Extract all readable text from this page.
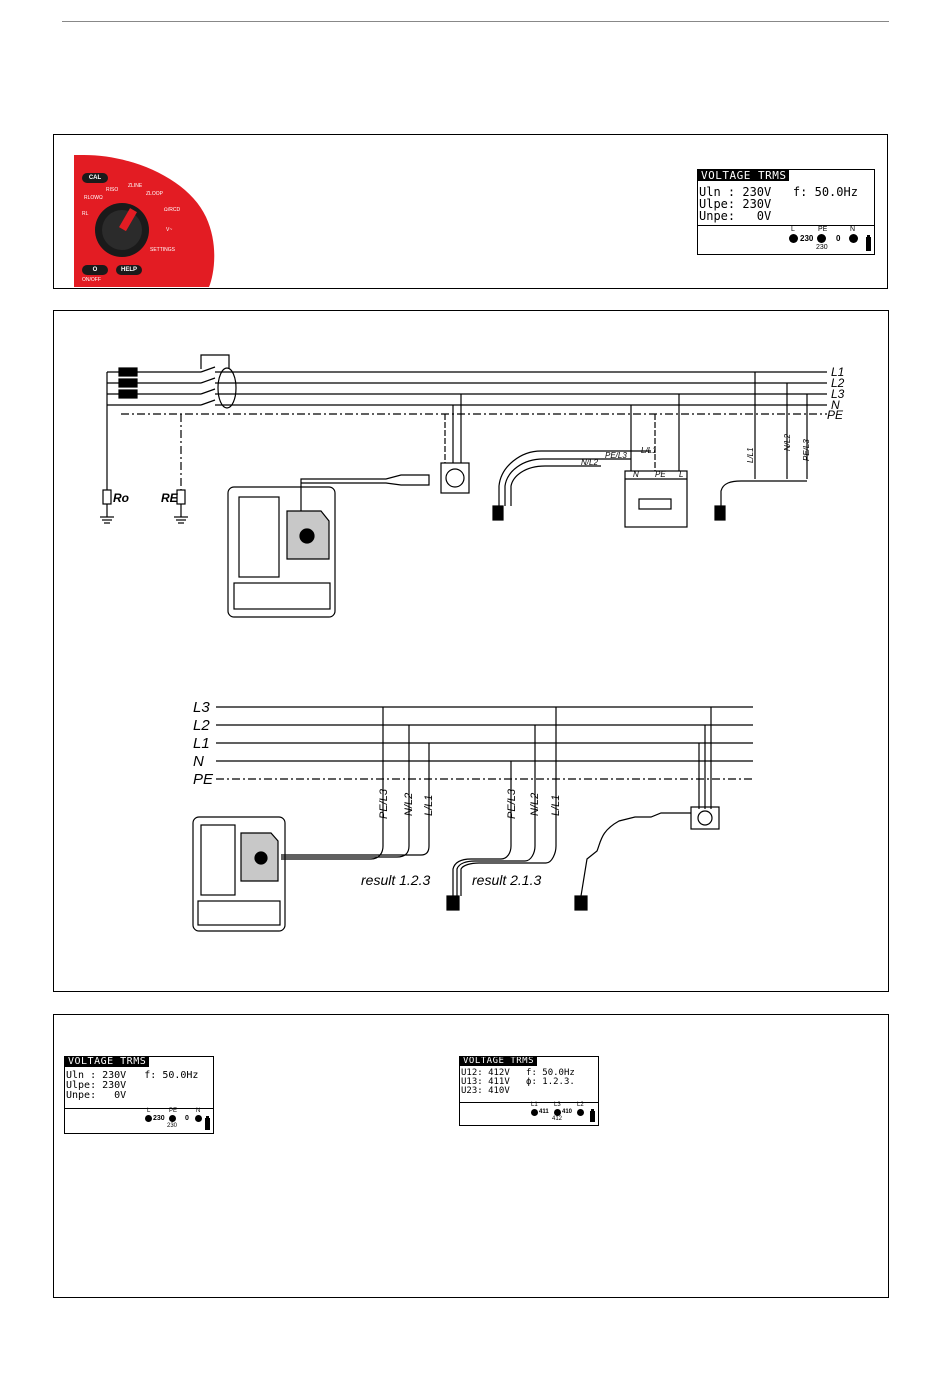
CAL
O	HELP
ON/OFF
SETTINGS
RLOWΩ
RL
RISO
ZLINE
ZLOOP
Ω/RCD
V~
VOLTAGE TRMS
Uln : 230V   f: 50.0Hz
Ulpe: 230V
Unpe:   0V
L	PE	N
230	0
230
L1
L2
L3
N
PE
Ro	RE
PE/L3
L/L1
N/L2
N PE L
L/L1
N/L2 PE/L3
L3
L2
L1
N
PE
result 1.2.3	result 2.1.3
PE/L3 N/L2 L/L1	PE/L3 N/L2 L/L1
VOLTAGE TRMS
Uln : 230V   f: 50.0Hz
Ulpe: 230V
Unpe:   0V
L	PE	N
230	0
230
VOLTAGE TRMS
U12: 412V   f: 50.0Hz
U13: 411V   ϕ: 1.2.3.
U23: 410V
L1	L3	L2
411 410
412
